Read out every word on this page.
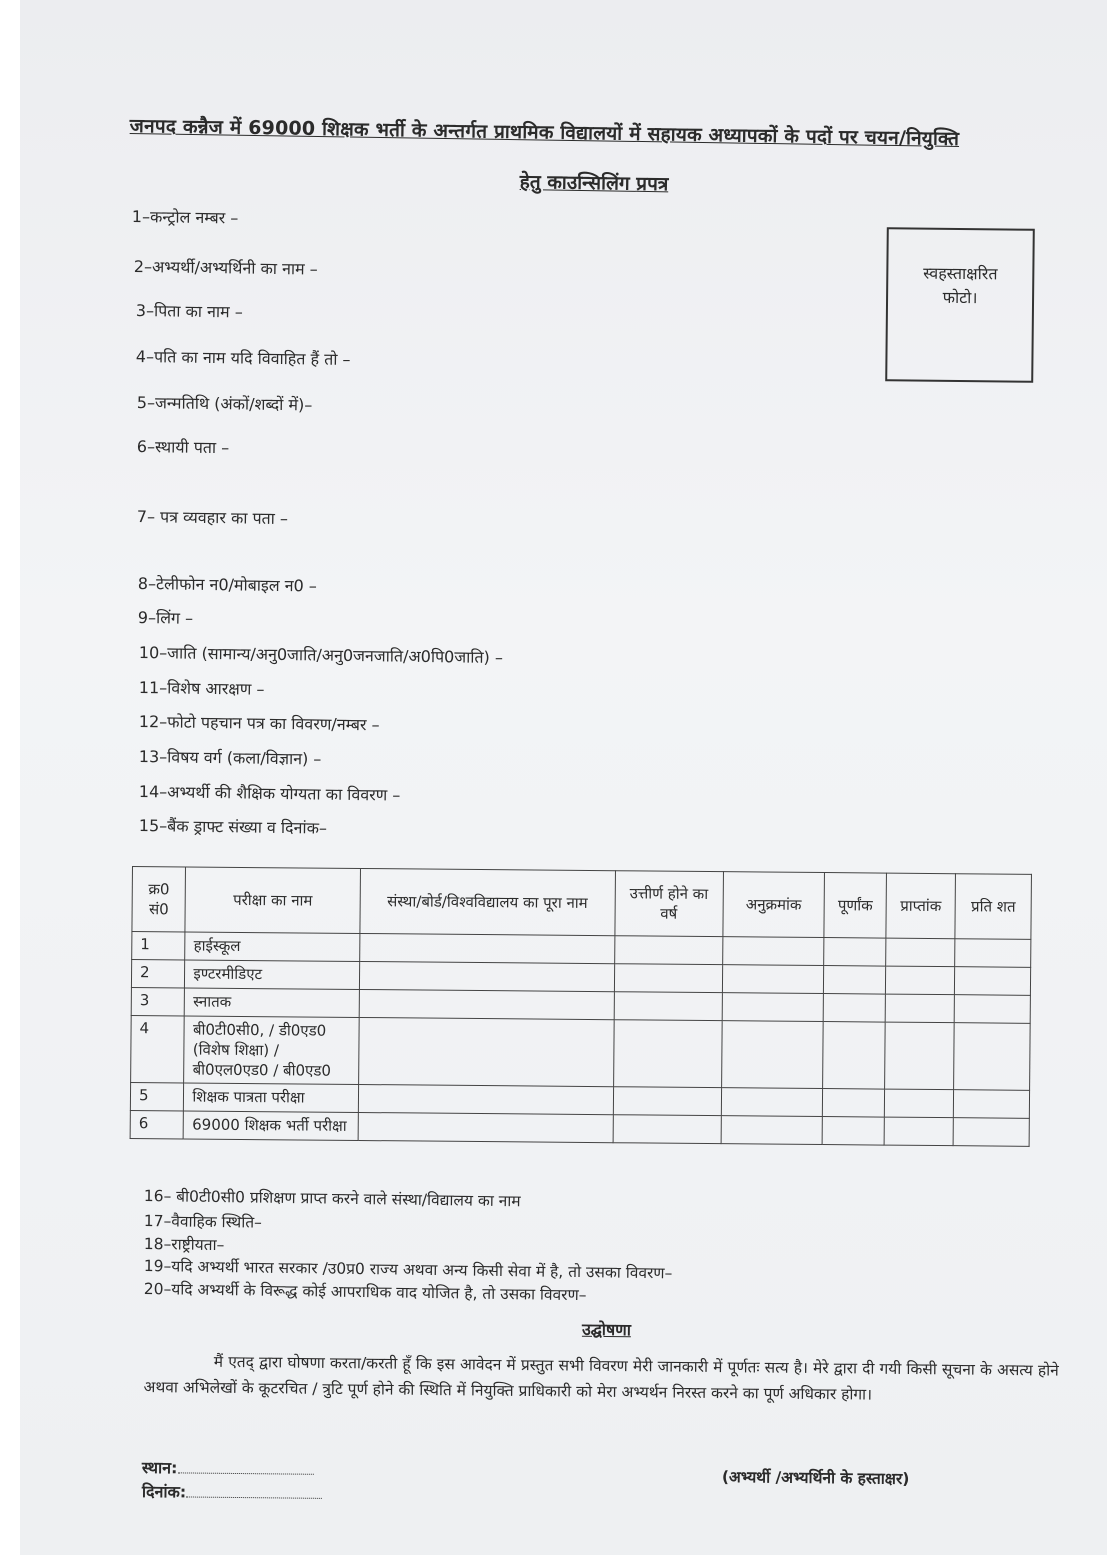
जनपद कन्नैज में 69000 शिक्षक भर्ती के अन्तर्गत प्राथमिक विद्यालयों में सहायक अध्यापकों के पदों पर चयन/नियुक्ति
हेतु काउन्सिलिंग प्रपत्र
1–कन्ट्रोल नम्बर –
2–अभ्यर्थी/अभ्यर्थिनी का नाम –
3–पिता का नाम –
4–पति का नाम यदि विवाहित हैं तो –
5–जन्मतिथि (अंकों/शब्दों में)–
6–स्थायी पता –
7– पत्र व्यवहार का पता –
8–टेलीफोन न0/मोबाइल न0 –
9–लिंग –
10–जाति (सामान्य/अनु0जाति/अनु0जनजाति/अ0पि0जाति) –
11–विशेष आरक्षण –
12–फोटो पहचान पत्र का विवरण/नम्बर –
13–विषय वर्ग (कला/विज्ञान) –
14–अभ्यर्थी की शैक्षिक योग्यता का विवरण –
15–बैंक ड्राफ्ट संख्या व दिनांक–
स्वहस्ताक्षरित
फोटो।
क्र0 सं0	परीक्षा का नाम	संस्था/बोर्ड/विश्वविद्यालय का पूरा नाम	उत्तीर्ण होने का वर्ष	अनुक्रमांक	पूर्णांक	प्राप्तांक	प्रति शत
1	हाईस्कूल						
2	इण्टरमीडिएट						
3	स्नातक						
4	बी0टी0सी0, / डी0एड0 (विशेष शिक्षा) / बी0एल0एड0 / बी0एड0						
5	शिक्षक पात्रता परीक्षा						
6	69000 शिक्षक भर्ती परीक्षा						
16– बी0टी0सी0 प्रशिक्षण प्राप्त करने वाले संस्था/विद्यालय का नाम
17–वैवाहिक स्थिति–
18–राष्ट्रीयता–
19–यदि अभ्यर्थी भारत सरकार /उ0प्र0 राज्य अथवा अन्य किसी सेवा में है, तो उसका विवरण–
20–यदि अभ्यर्थी के विरूद्ध कोई आपराधिक वाद योजित है, तो उसका विवरण–
उद्घोषणा
मैं एतद् द्वारा घोषणा करता/करती हूँ कि इस आवेदन में प्रस्तुत सभी विवरण मेरी जानकारी में पूर्णतः सत्य है। मेरे द्वारा दी गयी किसी सूचना के असत्य होने अथवा अभिलेखों के कूटरचित / त्रुटि पूर्ण होने की स्थिति में नियुक्ति प्राधिकारी को मेरा अभ्यर्थन निरस्त करने का पूर्ण अधिकार होगा।
स्थान:
दिनांक:
(अभ्यर्थी /अभ्यर्थिनी के हस्ताक्षर)
